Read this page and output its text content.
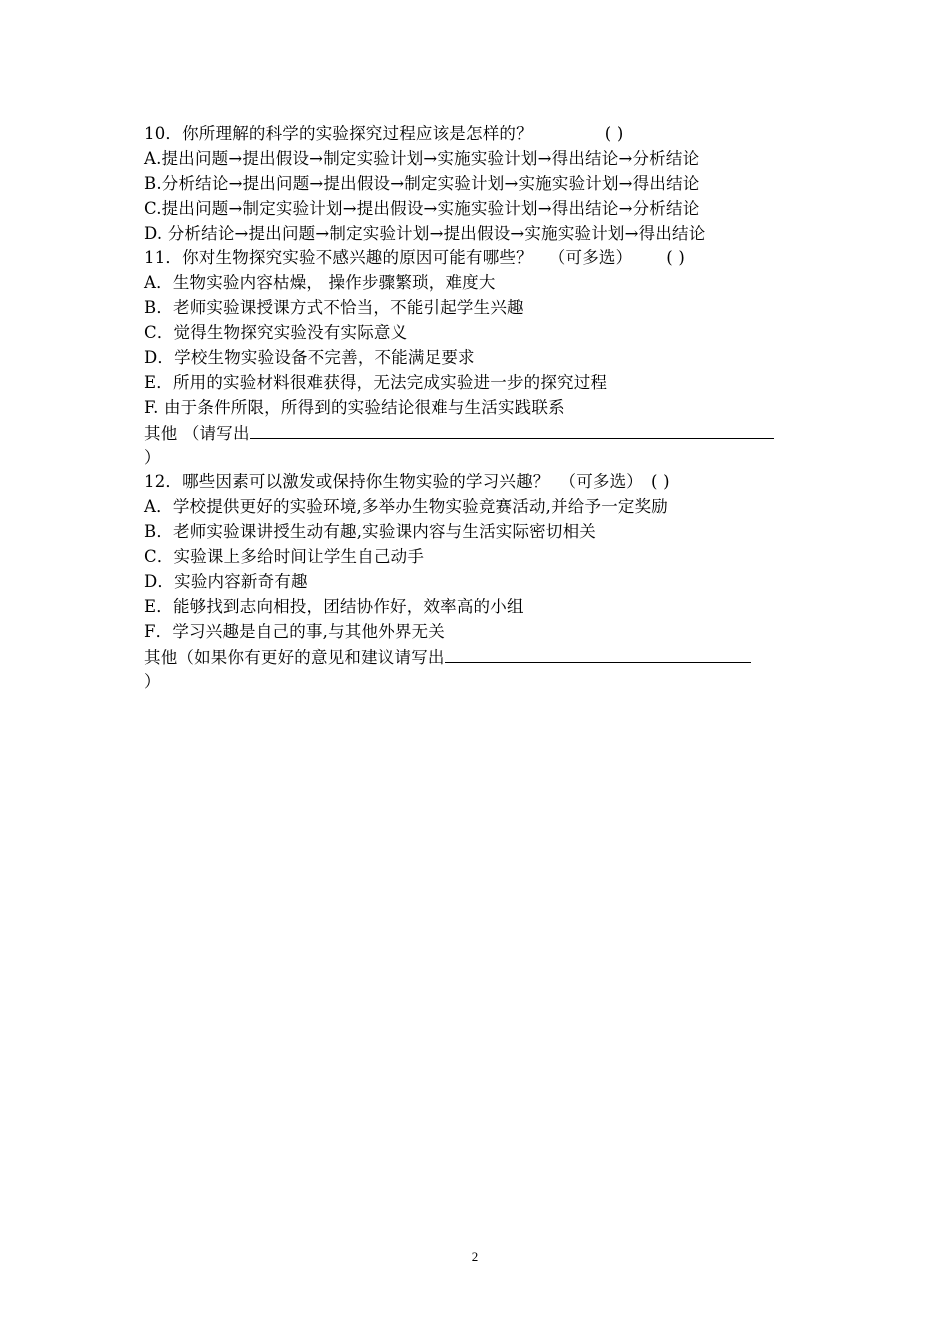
10．你所理解的科学的实验探究过程应该是怎样的？	( )
A.提出问题→提出假设→制定实验计划→实施实验计划→得出结论→分析结论
B.分析结论→提出问题→提出假设→制定实验计划→实施实验计划→得出结论
C.提出问题→制定实验计划→提出假设→实施实验计划→得出结论→分析结论
D. 分析结论→提出问题→制定实验计划→提出假设→实施实验计划→得出结论
11．你对生物探究实验不感兴趣的原因可能有哪些？ （可多选） ( )
A．生物实验内容枯燥， 操作步骤繁琐，难度大
B．老师实验课授课方式不恰当，不能引起学生兴趣
C．觉得生物探究实验没有实际意义
D．学校生物实验设备不完善，不能满足要求
E．所用的实验材料很难获得，无法完成实验进一步的探究过程
F. 由于条件所限，所得到的实验结论很难与生活实践联系
其他 （请写出
）
12．哪些因素可以激发或保持你生物实验的学习兴趣？ （可多选） ( )
A．学校提供更好的实验环境,多举办生物实验竞赛活动,并给予一定奖励
B．老师实验课讲授生动有趣,实验课内容与生活实际密切相关
C．实验课上多给时间让学生自己动手
D．实验内容新奇有趣
E．能够找到志向相投，团结协作好，效率高的小组
F．学习兴趣是自己的事,与其他外界无关
其他（如果你有更好的意见和建议请写出
）
2
